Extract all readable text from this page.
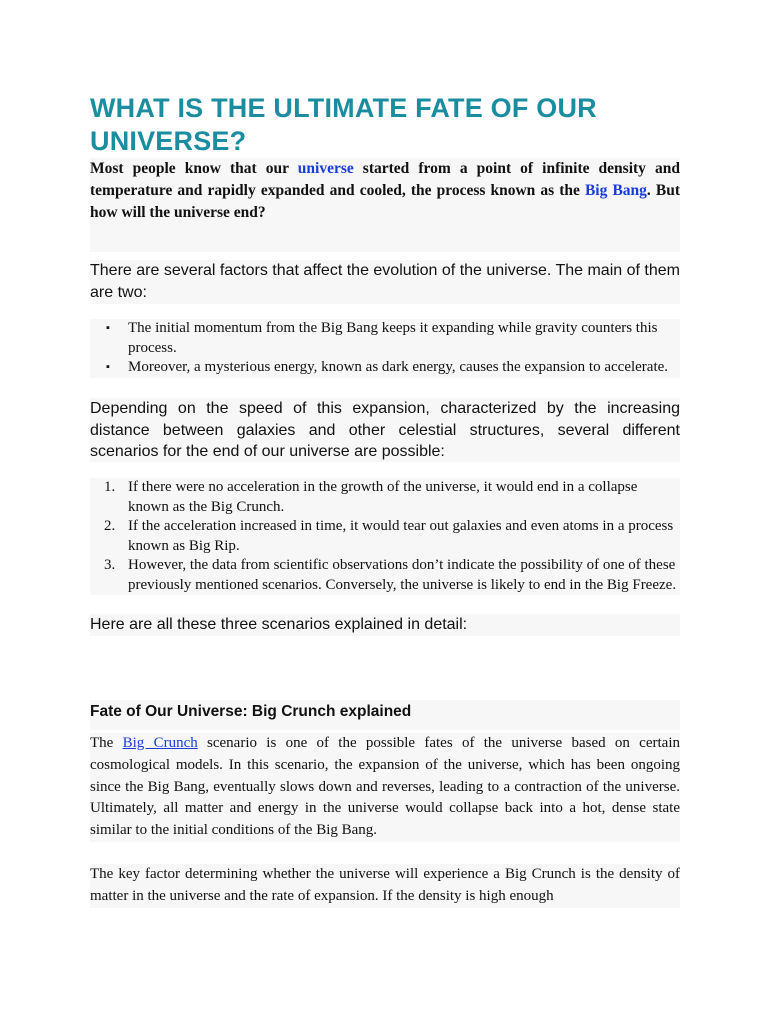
WHAT IS THE ULTIMATE FATE OF OUR UNIVERSE?

Most people know that our universe started from a point of infinite density and temperature and rapidly expanded and cooled, the process known as the Big Bang. But how will the universe end?

There are several factors that affect the evolution of the universe. The main of them are two:

▪ The initial momentum from the Big Bang keeps it expanding while gravity counters this process.
▪ Moreover, a mysterious energy, known as dark energy, causes the expansion to accelerate.

Depending on the speed of this expansion, characterized by the increasing distance between galaxies and other celestial structures, several different scenarios for the end of our universe are possible:

1. If there were no acceleration in the growth of the universe, it would end in a collapse known as the Big Crunch.
2. If the acceleration increased in time, it would tear out galaxies and even atoms in a process known as Big Rip.
3. However, the data from scientific observations don’t indicate the possibility of one of these previously mentioned scenarios. Conversely, the universe is likely to end in the Big Freeze.

Here are all these three scenarios explained in detail:

Fate of Our Universe: Big Crunch explained

The Big Crunch scenario is one of the possible fates of the universe based on certain cosmological models. In this scenario, the expansion of the universe, which has been ongoing since the Big Bang, eventually slows down and reverses, leading to a contraction of the universe. Ultimately, all matter and energy in the universe would collapse back into a hot, dense state similar to the initial conditions of the Big Bang.

The key factor determining whether the universe will experience a Big Crunch is the density of matter in the universe and the rate of expansion. If the density is high enough
